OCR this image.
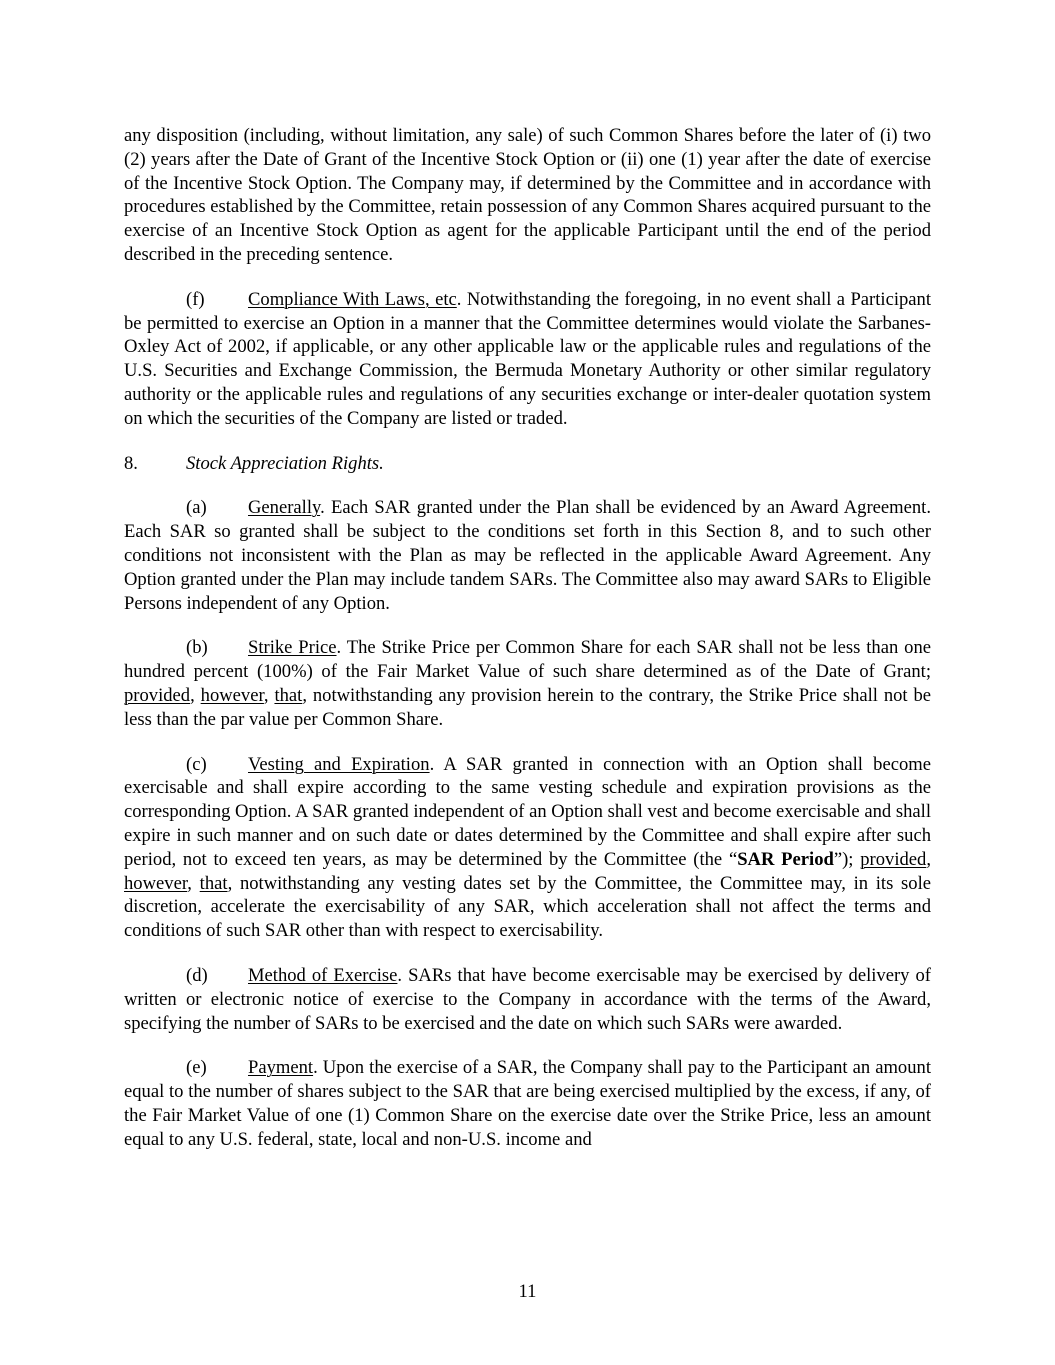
any disposition (including, without limitation, any sale) of such Common Shares before the later of (i) two (2) years after the Date of Grant of the Incentive Stock Option or (ii) one (1) year after the date of exercise of the Incentive Stock Option. The Company may, if determined by the Committee and in accordance with procedures established by the Committee, retain possession of any Common Shares acquired pursuant to the exercise of an Incentive Stock Option as agent for the applicable Participant until the end of the period described in the preceding sentence.

(f) Compliance With Laws, etc. Notwithstanding the foregoing, in no event shall a Participant be permitted to exercise an Option in a manner that the Committee determines would violate the Sarbanes-Oxley Act of 2002, if applicable, or any other applicable law or the applicable rules and regulations of the U.S. Securities and Exchange Commission, the Bermuda Monetary Authority or other similar regulatory authority or the applicable rules and regulations of any securities exchange or inter-dealer quotation system on which the securities of the Company are listed or traded.

8.	Stock Appreciation Rights.

(a) Generally. Each SAR granted under the Plan shall be evidenced by an Award Agreement. Each SAR so granted shall be subject to the conditions set forth in this Section 8, and to such other conditions not inconsistent with the Plan as may be reflected in the applicable Award Agreement. Any Option granted under the Plan may include tandem SARs. The Committee also may award SARs to Eligible Persons independent of any Option.

(b) Strike Price. The Strike Price per Common Share for each SAR shall not be less than one hundred percent (100%) of the Fair Market Value of such share determined as of the Date of Grant; provided, however, that, notwithstanding any provision herein to the contrary, the Strike Price shall not be less than the par value per Common Share.

(c) Vesting and Expiration. A SAR granted in connection with an Option shall become exercisable and shall expire according to the same vesting schedule and expiration provisions as the corresponding Option. A SAR granted independent of an Option shall vest and become exercisable and shall expire in such manner and on such date or dates determined by the Committee and shall expire after such period, not to exceed ten years, as may be determined by the Committee (the “SAR Period”); provided, however, that, notwithstanding any vesting dates set by the Committee, the Committee may, in its sole discretion, accelerate the exercisability of any SAR, which acceleration shall not affect the terms and conditions of such SAR other than with respect to exercisability.

(d) Method of Exercise. SARs that have become exercisable may be exercised by delivery of written or electronic notice of exercise to the Company in accordance with the terms of the Award, specifying the number of SARs to be exercised and the date on which such SARs were awarded.

(e) Payment. Upon the exercise of a SAR, the Company shall pay to the Participant an amount equal to the number of shares subject to the SAR that are being exercised multiplied by the excess, if any, of the Fair Market Value of one (1) Common Share on the exercise date over the Strike Price, less an amount equal to any U.S. federal, state, local and non-U.S. income and

11
